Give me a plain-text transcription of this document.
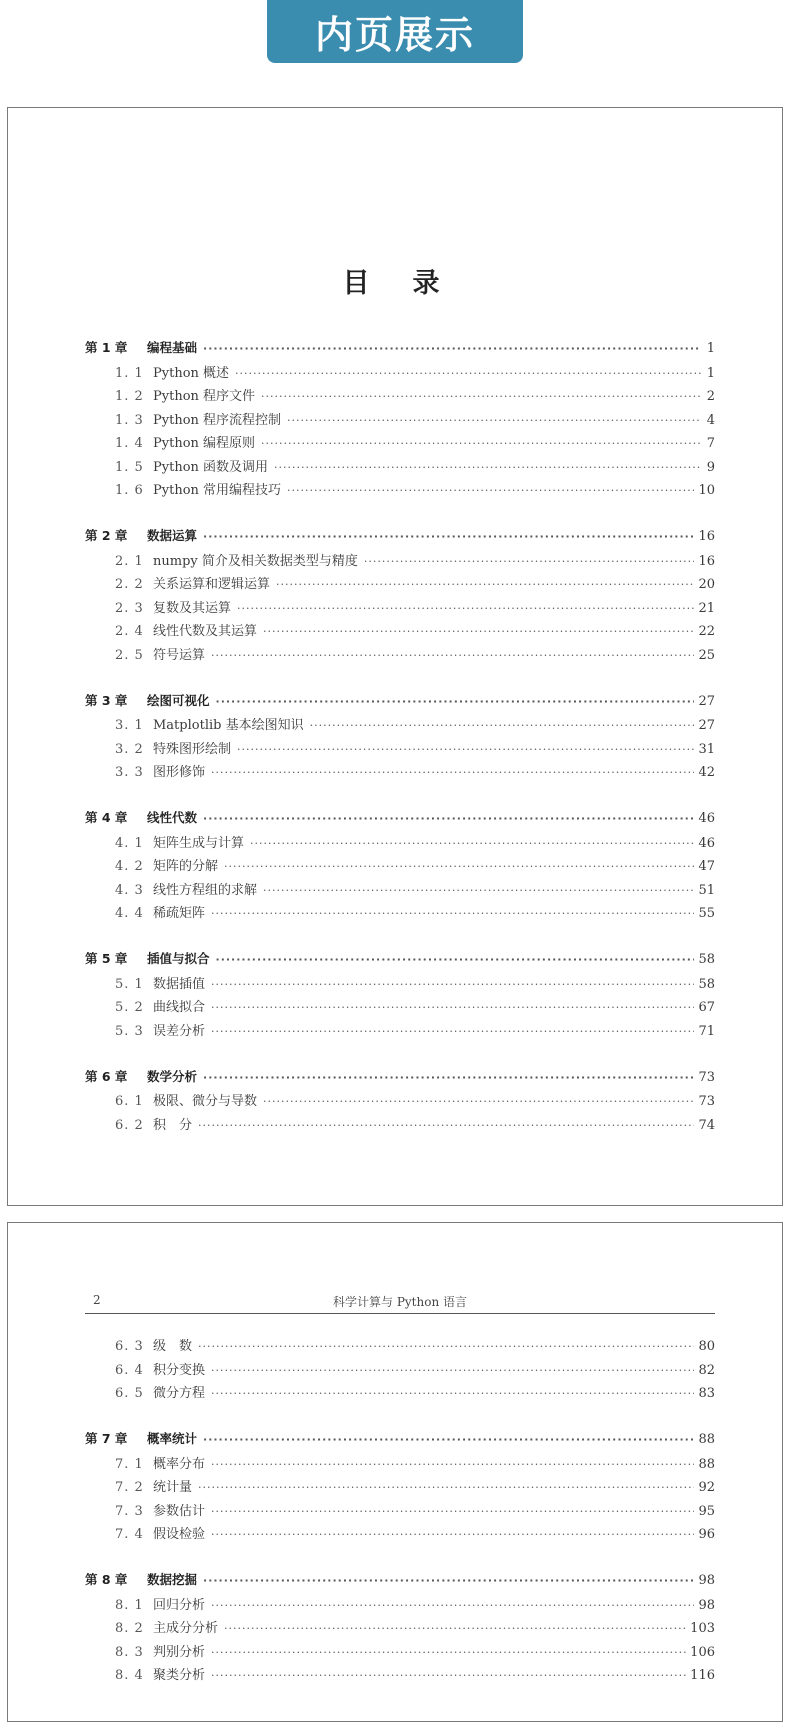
内页展示
目　录
第 1 章	编程基础 ·····	1
1. 1 Python 概述 ·····	1
1. 2 Python 程序文件 ·····	2
1. 3 Python 程序流程控制 ·····	4
1. 4 Python 编程原则 ·····	7
1. 5 Python 函数及调用 ·····	9
1. 6 Python 常用编程技巧 ·····	10
第 2 章	数据运算 ·····	16
2. 1 numpy 简介及相关数据类型与精度 ·····	16
2. 2 关系运算和逻辑运算 ·····	20
2. 3 复数及其运算 ·····	21
2. 4 线性代数及其运算 ·····	22
2. 5 符号运算 ·····	25
第 3 章	绘图可视化 ·····	27
3. 1 Matplotlib 基本绘图知识 ·····	27
3. 2 特殊图形绘制 ·····	31
3. 3 图形修饰 ·····	42
第 4 章	线性代数 ·····	46
4. 1 矩阵生成与计算 ·····	46
4. 2 矩阵的分解 ·····	47
4. 3 线性方程组的求解 ·····	51
4. 4 稀疏矩阵 ·····	55
第 5 章	插值与拟合 ·····	58
5. 1 数据插值 ·····	58
5. 2 曲线拟合 ·····	67
5. 3 误差分析 ·····	71
第 6 章	数学分析 ·····	73
6. 1 极限、微分与导数 ·····	73
6. 2 积　分 ·····	74
2	科学计算与 Python 语言
6. 3 级　数 ·····	80
6. 4 积分变换 ·····	82
6. 5 微分方程 ·····	83
第 7 章	概率统计 ·····	88
7. 1 概率分布 ·····	88
7. 2 统计量 ·····	92
7. 3 参数估计 ·····	95
7. 4 假设检验 ·····	96
第 8 章	数据挖掘 ·····	98
8. 1 回归分析 ·····	98
8. 2 主成分分析 ·····	103
8. 3 判别分析 ·····	106
8. 4 聚类分析 ·····	116
